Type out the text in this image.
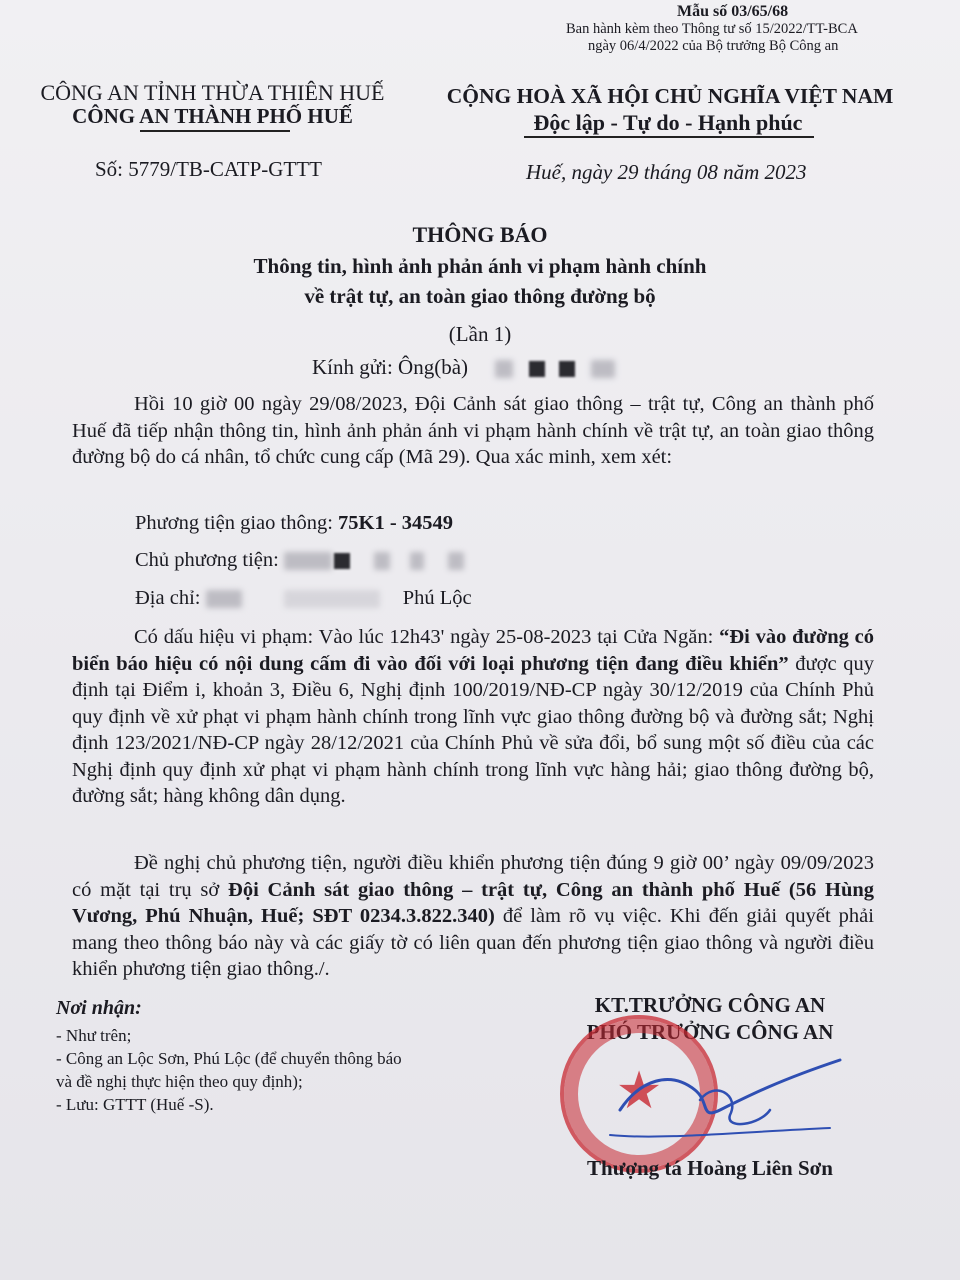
Mẫu số 03/65/68
Ban hành kèm theo Thông tư số 15/2022/TT-BCA
ngày 06/4/2022 của Bộ trưởng Bộ Công an
CÔNG AN TỈNH THỪA THIÊN HUẾ
CÔNG AN THÀNH PHỐ HUẾ
Số: 5779/TB-CATP-GTTT
CỘNG HOÀ XÃ HỘI CHỦ NGHĨA VIỆT NAM
Độc lập - Tự do - Hạnh phúc
Huế, ngày 29 tháng 08 năm 2023
THÔNG BÁO
Thông tin, hình ảnh phản ánh vi phạm hành chính
về trật tự, an toàn giao thông đường bộ
(Lần 1)
Kính gửi: Ông(bà)
Hồi 10 giờ 00 ngày 29/08/2023, Đội Cảnh sát giao thông – trật tự, Công an thành phố Huế đã tiếp nhận thông tin, hình ảnh phản ánh vi phạm hành chính về trật tự, an toàn giao thông đường bộ do cá nhân, tổ chức cung cấp (Mã 29). Qua xác minh, xem xét:
Phương tiện giao thông: 75K1 - 34549
Chủ phương tiện:
Địa chỉ:	Phú Lộc
Có dấu hiệu vi phạm: Vào lúc 12h43' ngày 25-08-2023 tại Cửa Ngăn: “Đi vào đường có biển báo hiệu có nội dung cấm đi vào đối với loại phương tiện đang điều khiển” được quy định tại Điểm i, khoản 3, Điều 6, Nghị định 100/2019/NĐ-CP ngày 30/12/2019 của Chính Phủ quy định về xử phạt vi phạm hành chính trong lĩnh vực giao thông đường bộ và đường sắt; Nghị định 123/2021/NĐ-CP ngày 28/12/2021 của Chính Phủ về sửa đổi, bổ sung một số điều của các Nghị định quy định xử phạt vi phạm hành chính trong lĩnh vực hàng hải; giao thông đường bộ, đường sắt; hàng không dân dụng.
Đề nghị chủ phương tiện, người điều khiển phương tiện đúng 9 giờ 00’ ngày 09/09/2023 có mặt tại trụ sở Đội Cảnh sát giao thông – trật tự, Công an thành phố Huế (56 Hùng Vương, Phú Nhuận, Huế; SĐT 0234.3.822.340) để làm rõ vụ việc. Khi đến giải quyết phải mang theo thông báo này và các giấy tờ có liên quan đến phương tiện giao thông và người điều khiển phương tiện giao thông./.
Nơi nhận:
- Như trên;
- Công an Lộc Sơn, Phú Lộc (để chuyển thông báo
và đề nghị thực hiện theo quy định);
- Lưu: GTTT (Huế -S).
KT.TRƯỞNG CÔNG AN
PHÓ TRƯỞNG CÔNG AN
★
Thượng tá Hoàng Liên Sơn
